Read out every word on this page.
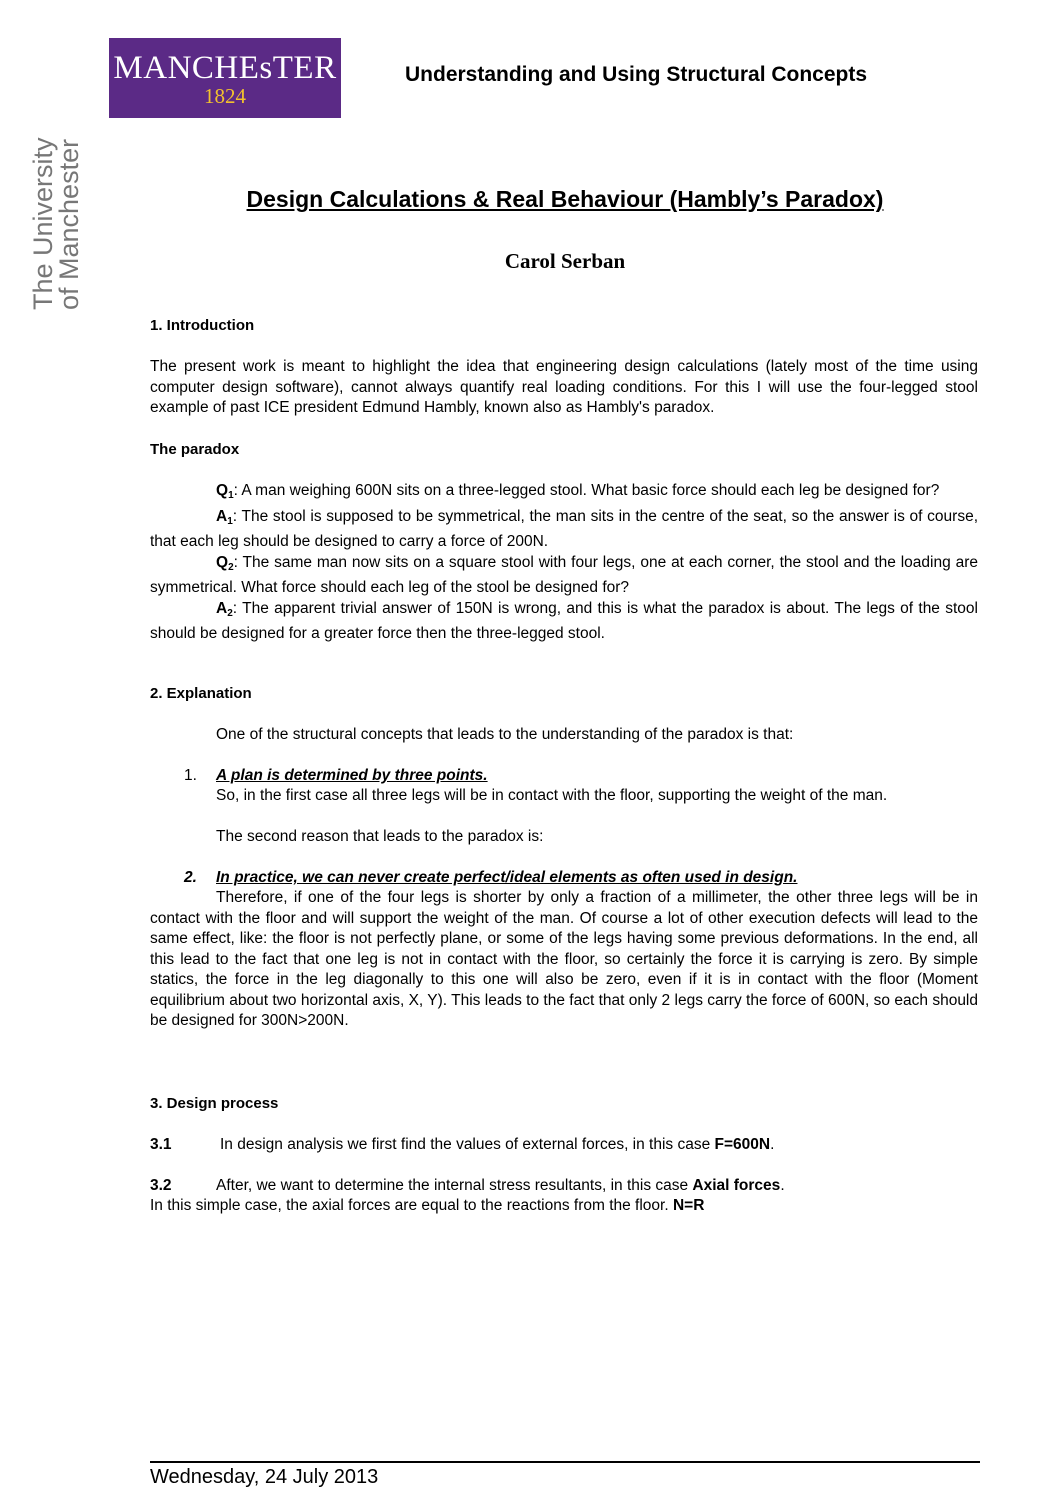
MANCHEsTER
1824
The University
of Manchester
Understanding and Using Structural Concepts
Design Calculations & Real Behaviour (Hambly’s Paradox)
Carol Serban
1. Introduction
The present work is meant to highlight the idea that engineering design calculations (lately most of the time using computer design software), cannot always quantify real loading conditions. For this I will use the four-legged stool example of past ICE president Edmund Hambly, known also as Hambly's paradox.
The paradox
$Q_1$: A man weighing 600N sits on a three-legged stool. What basic force should each leg be designed for?
$A_1$: The stool is supposed to be symmetrical, the man sits in the centre of the seat, so the answer is of course, that each leg should be designed to carry a force of 200N.
$Q_2$: The same man now sits on a square stool with four legs, one at each corner, the stool and the loading are symmetrical. What force should each leg of the stool be designed for?
$A_2$: The apparent trivial answer of 150N is wrong, and this is what the paradox is about. The legs of the stool should be designed for a greater force then the three-legged stool.
2. Explanation
One of the structural concepts that leads to the understanding of the paradox is that:
1. A plan is determined by three points.
So, in the first case all three legs will be in contact with the floor, supporting the weight of the man.
The second reason that leads to the paradox is:
2. In practice, we can never create perfect/ideal elements as often used in design.
Therefore, if one of the four legs is shorter by only a fraction of a millimeter, the other three legs will be in contact with the floor and will support the weight of the man. Of course a lot of other execution defects will lead to the same effect, like: the floor is not perfectly plane, or some of the legs having some previous deformations. In the end, all this lead to the fact that one leg is not in contact with the floor, so certainly the force it is carrying is zero. By simple statics, the force in the leg diagonally to this one will also be zero, even if it is in contact with the floor (Moment equilibrium about two horizontal axis, X, Y). This leads to the fact that only 2 legs carry the force of 600N, so each should be designed for 300N>200N.
3. Design process
3.1	In design analysis we first find the values of external forces, in this case F=600N.
3.2	After, we want to determine the internal stress resultants, in this case Axial forces.
In this simple case, the axial forces are equal to the reactions from the floor. N=R
Wednesday, 24 July 2013
